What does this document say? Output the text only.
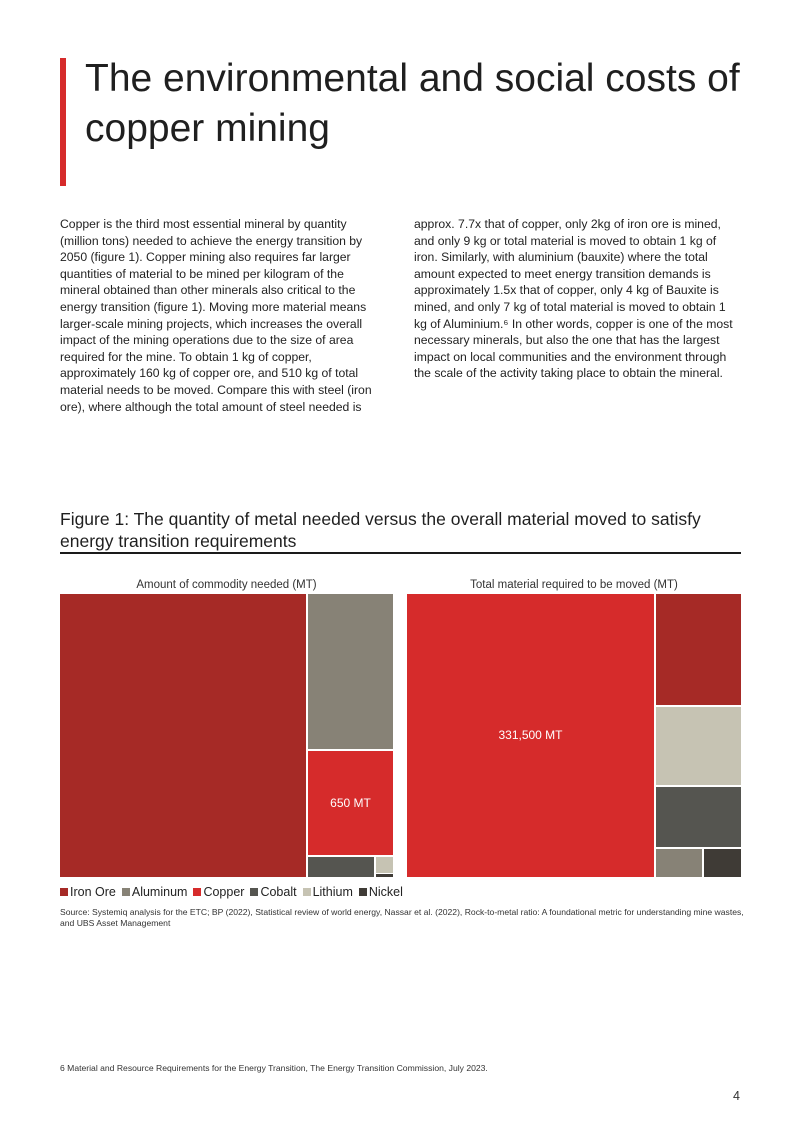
The environmental and social costs of copper mining

Copper is the third most essential mineral by quantity (million tons) needed to achieve the energy transition by 2050 (figure 1). Copper mining also requires far larger quantities of material to be mined per kilogram of the mineral obtained than other minerals also critical to the energy transition (figure 1). Moving more material means larger-scale mining projects, which increases the overall impact of the mining operations due to the size of area required for the mine. To obtain 1 kg of copper, approximately 160 kg of copper ore, and 510 kg of total material needs to be moved. Compare this with steel (iron ore), where although the total amount of steel needed is

approx. 7.7x that of copper, only 2kg of iron ore is mined, and only 9 kg or total material is moved to obtain 1 kg of iron. Similarly, with aluminium (bauxite) where the total amount expected to meet energy transition demands is approximately 1.5x that of copper, only 4 kg of Bauxite is mined, and only 7 kg of total material is moved to obtain 1 kg of Aluminium.⁶ In other words, copper is one of the most necessary minerals, but also the one that has the largest impact on local communities and the environment through the scale of the activity taking place to obtain the mineral.

Figure 1: The quantity of metal needed versus the overall material moved to satisfy energy transition requirements
Amount of commodity needed (MT)	Total material required to be moved (MT)
650 MT
331,500 MT
Iron Ore Aluminum Copper Cobalt Lithium Nickel
Source: Systemiq analysis for the ETC; BP (2022), Statistical review of world energy, Nassar et al. (2022), Rock-to-metal ratio: A foundational metric for understanding mine wastes, and UBS Asset Management
6 Material and Resource Requirements for the Energy Transition, The Energy Transition Commission, July 2023.
4
